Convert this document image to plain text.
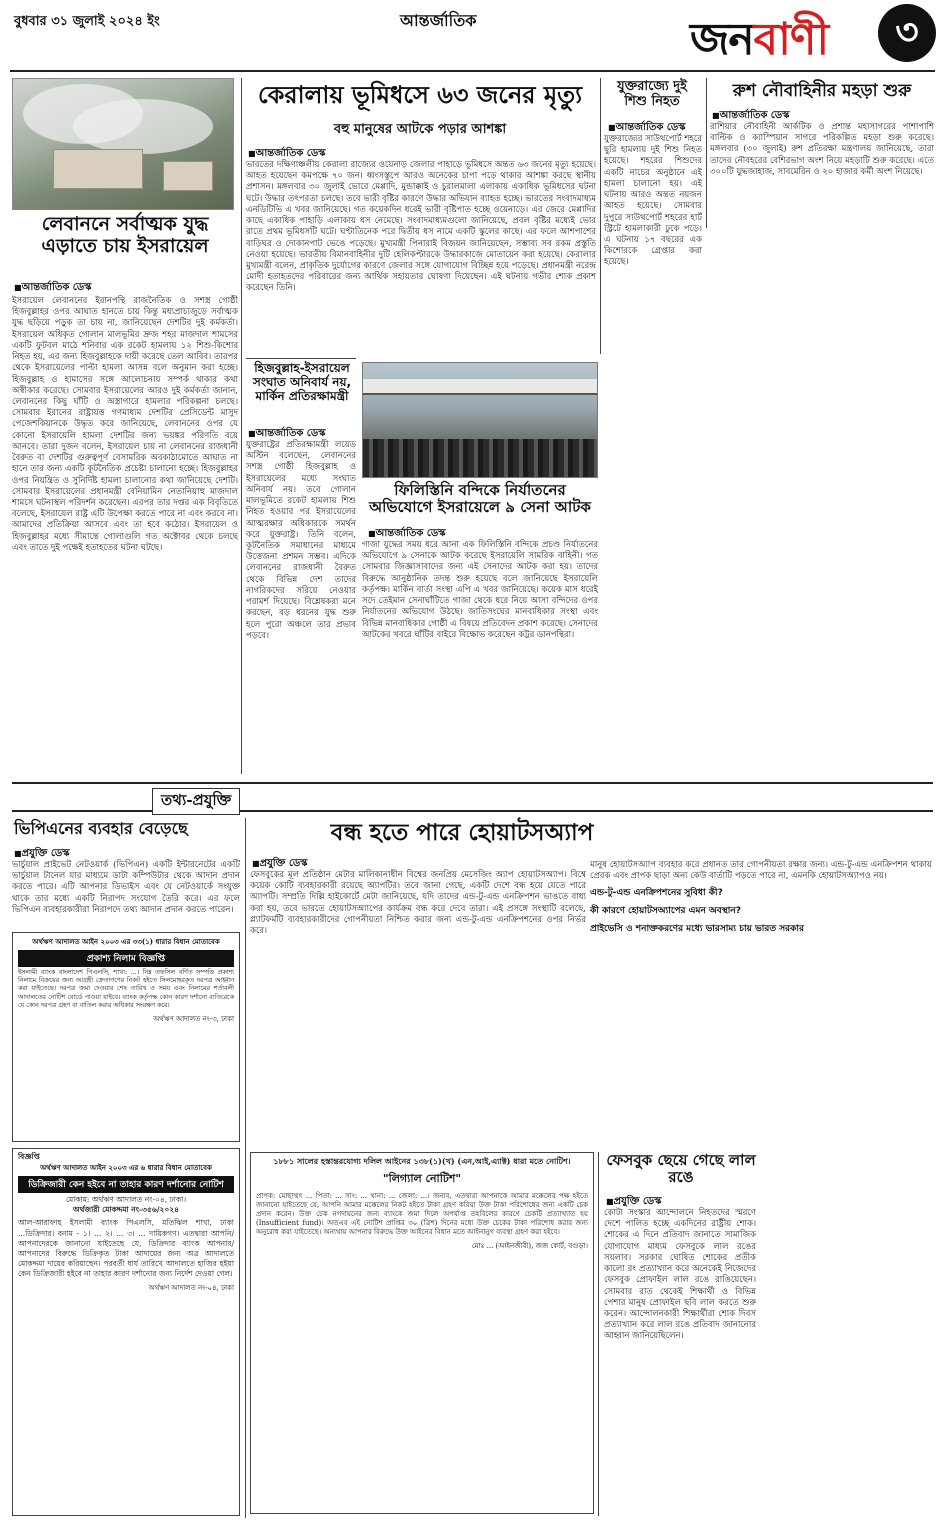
বুধবার ৩১ জুলাই ২০২৪ ইং	আন্তর্জাতিক	জনবাণী	৩
লেবাননে সর্বাত্মক যুদ্ধ এড়াতে চায় ইসরায়েল
■ আন্তর্জাতিক ডেস্ক
ইসরায়েল লেবাননের ইরানপন্থি রাজনৈতিক ও সশস্ত্র গোষ্ঠী হিজবুল্লাহর ওপর আঘাত হানতে চায় কিন্তু মধ্যপ্রাচ্যজুড়ে সর্বাত্মক যুদ্ধ ছড়িয়ে পড়ুক তা চায় না, জানিয়েছেন দেশটির দুই কর্মকর্তা। ইসরায়েল অধিকৃত গোলান মালভূমির দ্রুজ শহর মাজদাল শামসের একটি ফুটবল মাঠে শনিবার এক রকেট হামলায় ১২ শিশু-কিশোর নিহত হয়, এর জন্য হিজবুল্লাহকে দায়ী করেছে তেল আবিব। তারপর থেকে ইসরায়েলের পাল্টা হামলা আসন্ন বলে অনুমান করা হচ্ছে। হিজবুল্লাহ ও হামাসের সঙ্গে আলোচনায় সম্পর্ক থাকার কথা অস্বীকার করেছে। সোমবার ইসরায়েলের আরও দুই কর্মকর্তা জানান, লেবাননের কিছু ঘাঁটি ও অস্ত্রাগারে হামলার পরিকল্পনা চলছে। সোমবার ইরানের রাষ্ট্রায়ত্ত গণমাধ্যম দেশটির প্রেসিডেন্ট মাসুদ পেজেশকিয়ানকে উদ্ধৃত করে জানিয়েছে, লেবাননের ওপর যে কোনো ইসরায়েলি হামলা দেশটির জন্য ভয়ঙ্কর পরিণতি বয়ে আনবে। তারা দুজন বলেন, ইসরায়েল চায় না লেবাননের রাজধানী বৈরুত বা দেশটির গুরুত্বপূর্ণ বেসামরিক অবকাঠামোতে আঘাত না হানে তার জন্য একটি কূটনৈতিক প্রচেষ্টা চালানো হচ্ছে। হিজবুল্লাহর ওপর নিয়ন্ত্রিত ও সুনির্দিষ্ট হামলা চালানোর কথা জানিয়েছে দেশটি। সোমবার ইসরায়েলের প্রধানমন্ত্রী বেনিয়ামিন নেতানিয়াহু মাজদাল শামসে ঘটনাস্থল পরিদর্শন করেছেন। এরপর তার দপ্তর এক বিবৃতিতে বলেছে, ইসরায়েল রাষ্ট্র এটি উপেক্ষা করতে পারে না এবং করবে না। আমাদের প্রতিক্রিয়া আসবে এবং তা হবে কঠোর। ইসরায়েল ও হিজবুল্লাহর মধ্যে সীমান্তে গোলাগুলি গত অক্টোবর থেকে চলছে এবং তাতে দুই পক্ষেই হতাহতের ঘটনা ঘটছে।
কেরালায় ভূমিধসে ৬৩ জনের মৃত্যু
বহু মানুষের আটকে পড়ার আশঙ্কা
■ আন্তর্জাতিক ডেস্ক
ভারতের দক্ষিণাঞ্চলীয় কেরালা রাজ্যের ওয়েনাড় জেলার পাহাড়ে ভূমিধসে অন্তত ৬৩ জনের মৃত্যু হয়েছে। আহত হয়েছেন কমপক্ষে ৭০ জন। ধ্বংসস্তূপে আরও অনেকের চাপা পড়ে থাকার আশঙ্কা করছে স্থানীয় প্রশাসন। মঙ্গলবার ৩০ জুলাই ভোরে মেপ্পাদি, মুন্ডাক্কাই ও চুরালমালা এলাকায় একাধিক ভূমিধসের ঘটনা ঘটে। উদ্ধার তৎপরতা চলছে। তবে ভারী বৃষ্টির কারণে উদ্ধার অভিযান ব্যাহত হচ্ছে। ভারতের সংবাদমাধ্যম এনডিটিভি এ খবর জানিয়েছে। গত কয়েকদিন ধরেই ভারী বৃষ্টিপাত হচ্ছে ওয়েনাড়ে। এর জেরে মেপ্পাদির কাছে একাধিক পাহাড়ি এলাকায় ধস নেমেছে। সংবাদমাধ্যমগুলো জানিয়েছে, প্রবল বৃষ্টির মধ্যেই ভোর রাতে প্রথম ভূমিধসটি ঘটে। ঘণ্টাতিনেক পরে দ্বিতীয় ধস নামে একটি স্কুলের কাছে। এর ফলে আশপাশের বাড়িঘর ও দোকানপাট ভেঙে পড়েছে। মুখ্যমন্ত্রী পিনারাই বিজয়ন জানিয়েছেন, সম্ভাব্য সব রকম প্রস্তুতি নেওয়া হয়েছে। ভারতীয় বিমানবাহিনীর দুটি হেলিকপ্টারকে উদ্ধারকাজে মোতায়েন করা হয়েছে। কেরালার মুখ্যমন্ত্রী বলেন, প্রাকৃতিক দুর্যোগের কারণে জেলার সঙ্গে যোগাযোগ বিচ্ছিন্ন হয়ে পড়েছে। প্রধানমন্ত্রী নরেন্দ্র মোদী হতাহতদের পরিবারের জন্য আর্থিক সহায়তার ঘোষণা দিয়েছেন। এই ঘটনায় গভীর শোক প্রকাশ করেছেন তিনি।
যুক্তরাজ্যে দুই শিশু নিহত
■ আন্তর্জাতিক ডেস্ক
যুক্তরাজ্যের সাউথপোর্ট শহরে ছুরি হামলায় দুই শিশু নিহত হয়েছে। শহরের শিশুদের একটি নাচের অনুষ্ঠানে এই হামলা চালানো হয়। এই ঘটনায় আরও অন্তত নয়জন আহত হয়েছে। সোমবার দুপুরে সাউথপোর্ট শহরের হার্ট স্ট্রিটে হামলাকারী ঢুকে পড়ে। এ ঘটনায় ১৭ বছরের এক কিশোরকে গ্রেপ্তার করা হয়েছে।
রুশ নৌবাহিনীর মহড়া শুরু
■ আন্তর্জাতিক ডেস্ক
রাশিয়ার নৌবাহিনী আর্কটিক ও প্রশান্ত মহাসাগরের পাশাপাশি বাল্টিক ও ক্যাস্পিয়ান সাগরে পরিকল্পিত মহড়া শুরু করেছে। মঙ্গলবার (৩০ জুলাই) রুশ প্রতিরক্ষা মন্ত্রণালয় জানিয়েছে, তারা তাদের নৌবহরের বেশিরভাগ অংশ নিয়ে মহড়াটি শুরু করেছে। এতে ৩০০টি যুদ্ধজাহাজ, সাবমেরিন ও ২০ হাজার কর্মী অংশ নিয়েছে।
হিজবুল্লাহ-ইসরায়েল সংঘাত অনিবার্য নয়, মার্কিন প্রতিরক্ষামন্ত্রী
■ আন্তর্জাতিক ডেস্ক
যুক্তরাষ্ট্রের প্রতিরক্ষামন্ত্রী লয়েড অস্টিন বলেছেন, লেবাননের সশস্ত্র গোষ্ঠী হিজবুল্লাহ ও ইসরায়েলের মধ্যে সংঘাত অনিবার্য নয়। তবে গোলান মালভূমিতে রকেট হামলায় শিশু নিহত হওয়ার পর ইসরায়েলের আত্মরক্ষার অধিকারকে সমর্থন করে যুক্তরাষ্ট্র। তিনি বলেন, কূটনৈতিক সমাধানের মাধ্যমে উত্তেজনা প্রশমন সম্ভব। এদিকে লেবাননের রাজধানী বৈরুত থেকে বিভিন্ন দেশ তাদের নাগরিকদের সরিয়ে নেওয়ার পরামর্শ দিয়েছে। বিশ্লেষকরা মনে করছেন, বড় ধরনের যুদ্ধ শুরু হলে পুরো অঞ্চলে তার প্রভাব পড়বে।
ফিলিস্তিনি বন্দিকে নির্যাতনের অভিযোগে ইসরায়েলে ৯ সেনা আটক
■ আন্তর্জাতিক ডেস্ক
গাজা যুদ্ধের সময় ধরে আনা এক ফিলিস্তিনি বন্দিকে প্রচণ্ড নির্যাতনের অভিযোগে ৯ সেনাকে আটক করেছে ইসরায়েলি সামরিক বাহিনী। গত সোমবার জিজ্ঞাসাবাদের জন্য এই সেনাদের আটক করা হয়। তাদের বিরুদ্ধে আনুষ্ঠানিক তদন্ত শুরু হয়েছে বলে জানিয়েছে ইসরায়েলি কর্তৃপক্ষ। মার্কিন বার্তা সংস্থা এপি এ খবর জানিয়েছে। কয়েক মাস ধরেই সদে তেইমান সেনাঘাঁটিতে গাজা থেকে ধরে নিয়ে আসা বন্দিদের ওপর নির্যাতনের অভিযোগ উঠছে। জাতিসংঘের মানবাধিকার সংস্থা এবং বিভিন্ন মানবাধিকার গোষ্ঠী এ বিষয়ে প্রতিবেদন প্রকাশ করেছে। সেনাদের আটকের খবরে ঘাঁটির বাইরে বিক্ষোভ করেছেন কট্টর ডানপন্থিরা।
তথ্য-প্রযুক্তি
ভিপিএনের ব্যবহার বেড়েছে
■ প্রযুক্তি ডেস্ক
ভার্চুয়াল প্রাইভেট নেটওয়ার্ক (ভিপিএন) একটি ইন্টারনেটের একটি ভার্চুয়াল টানেল যার মাধ্যমে ডাটা কম্পিউটার থেকে আদান প্রদান করতে পারে। এটি আপনার ডিভাইস এবং যে নেটওয়ার্কে সংযুক্ত থাকে তার মধ্যে একটি নিরাপদ সংযোগ তৈরি করে। এর ফলে ভিপিএন ব্যবহারকারীরা নিরাপদে তথ্য আদান প্রদান করতে পারেন।
অর্থঋণ আদালত আইন ২০০৩ এর ৩৩(১) ধারার বিধান মোতাবেক
প্রকাশ্য নিলাম বিজ্ঞপ্তি
ইসলামী ব্যাংক বাংলাদেশ পিএলসি, শাখা: ...। নিম্ন তফসিল বর্ণিত সম্পত্তি প্রকাশ্য নিলামে বিক্রয়ের জন্য আগ্রহী ক্রেতাগণের নিকট হইতে সিলমোহরকৃত দরপত্র আহ্বান করা যাইতেছে। দরপত্র জমা দেওয়ার শেষ তারিখ ও সময় এবং নিলামের শর্তাবলী আদালতের নোটিশ বোর্ডে পাওয়া যাইবে। ব্যাংক কর্তৃপক্ষ কোন কারণ দর্শানো ব্যতিরেকে যে কোন দরপত্র গ্রহণ বা বাতিল করার অধিকার সংরক্ষণ করে।
অর্থঋণ আদালত নং-৩, ঢাকা
বিজ্ঞপ্তি
অর্থঋণ আদালত আইন ২০০৩ এর ৬ ধারার বিধান মোতাবেক
ডিক্রিজারী কেন হইবে না তাহার কারণ দর্শানোর নোটিশ
মোকাম: অর্থঋণ আদালত নং-০৪, ঢাকা।
অর্থজারী মোকদ্দমা নং-৩৫৬/২০২৪
আল-আরাফাহ ইসলামী ব্যাংক পিএলসি, মতিঝিল শাখা, ঢাকা ...ডিক্রিদার। বনাম - ১। ... ২। ... ৩। ... দায়িকগণ। এতদ্বারা আপনি/আপনাদেরকে জানানো যাইতেছে যে, ডিক্রিদার ব্যাংক আপনার/আপনাদের বিরুদ্ধে ডিক্রিকৃত টাকা আদায়ের জন্য অত্র আদালতে মোকদ্দমা দায়ের করিয়াছেন। পরবর্তী ধার্য তারিখে আদালতে হাজির হইয়া কেন ডিক্রিজারী হইবে না তাহার কারণ দর্শানোর জন্য নির্দেশ দেওয়া গেল।
অর্থঋণ আদালত নং-০৪, ঢাকা
বন্ধ হতে পারে হোয়াটসঅ্যাপ
■ প্রযুক্তি ডেস্ক
ফেসবুকের মূল প্রতিষ্ঠান মেটার মালিকানাধীন বিশ্বের জনপ্রিয় মেসেজিং অ্যাপ হোয়াটসঅ্যাপ। বিশ্বে কয়েক কোটি ব্যবহারকারী রয়েছে অ্যাপটির। তবে জানা গেছে, একটি দেশে বন্ধ হয়ে যেতে পারে অ্যাপটি। সম্প্রতি দিল্লি হাইকোর্টে মেটা জানিয়েছে, যদি তাদের এন্ড-টু-এন্ড এনক্রিপশন ভাঙতে বাধ্য করা হয়, তবে ভারতে হোয়াটসঅ্যাপের কার্যক্রম বন্ধ করে দেবে তারা। এই প্রসঙ্গে সংস্থাটি বলেছে, প্ল্যাটফর্মটি ব্যবহারকারীদের গোপনীয়তা নিশ্চিত করার জন্য এন্ড-টু-এন্ড এনক্রিপশনের ওপর নির্ভর করে।
মানুষ হোয়াটসঅ্যাপ ব্যবহার করে প্রধানত তার গোপনীয়তা রক্ষার জন্য। এন্ড-টু-এন্ড এনক্রিপশন থাকায় প্রেরক এবং প্রাপক ছাড়া অন্য কেউ বার্তাটি পড়তে পারে না, এমনকি হোয়াটসঅ্যাপও নয়।
এন্ড-টু-এন্ড এনক্রিপশনের সুবিধা কী?
কী কারণে হোয়াটসঅ্যাপের এমন অবস্থান?
প্রাইভেসি ও শনাক্তকরণের মধ্যে ভারসাম্য চায় ভারত সরকার
১৮৮১ সালের হস্তান্তরযোগ্য দলিল আইনের ১৩৮(১)(খ) (এন,আই,এ্যাক্ট) ধারা মতে নোটিশ।
"লিগ্যাল নোটিশ"
প্রাপক: মোছাম্মৎ ... পিতা: ... সাং: ... থানা: ... জেলা: ...। জনাব, এতদ্বারা আপনাকে আমার মক্কেলের পক্ষ হইতে জানানো যাইতেছে যে, আপনি আমার মক্কেলের নিকট হইতে টাকা গ্রহণ করিয়া উক্ত টাকা পরিশোধের জন্য একটি চেক প্রদান করেন। উক্ত চেক নগদায়নের জন্য ব্যাংকে জমা দিলে অপর্যাপ্ত তহবিলের কারণে চেকটি প্রত্যাখ্যাত হয় (Insufficient fund)। অতএব এই নোটিশ প্রাপ্তির ৩০ (ত্রিশ) দিনের মধ্যে উক্ত চেকের টাকা পরিশোধ করার জন্য অনুরোধ করা যাইতেছে। অন্যথায় আপনার বিরুদ্ধে উক্ত আইনের বিধান মতে আইনানুগ ব্যবস্থা গ্রহণ করা হইবে।
মোঃ ... (আইনজীবী), জজ কোর্ট, বগুড়া।
ফেসবুক ছেয়ে গেছে লাল রঙে
■ প্রযুক্তি ডেস্ক
কোটা সংস্কার আন্দোলনে নিহতদের স্মরণে দেশে পালিত হচ্ছে একদিনের রাষ্ট্রীয় শোক। শোকের এ দিনে প্রতিবাদ জানাতে সামাজিক যোগাযোগ মাধ্যম ফেসবুকে লাল রঙের সয়লাব। সরকার ঘোষিত শোকের প্রতীক কালো রং প্রত্যাখ্যান করে অনেকেই নিজেদের ফেসবুক প্রোফাইল লাল রঙে রাঙিয়েছেন। সোমবার রাত থেকেই শিক্ষার্থী ও বিভিন্ন পেশার মানুষ প্রোফাইল ছবি লাল করতে শুরু করেন। আন্দোলনকারী শিক্ষার্থীরা শোক দিবস প্রত্যাখ্যান করে লাল রঙে প্রতিবাদ জানানোর আহ্বান জানিয়েছিলেন।
